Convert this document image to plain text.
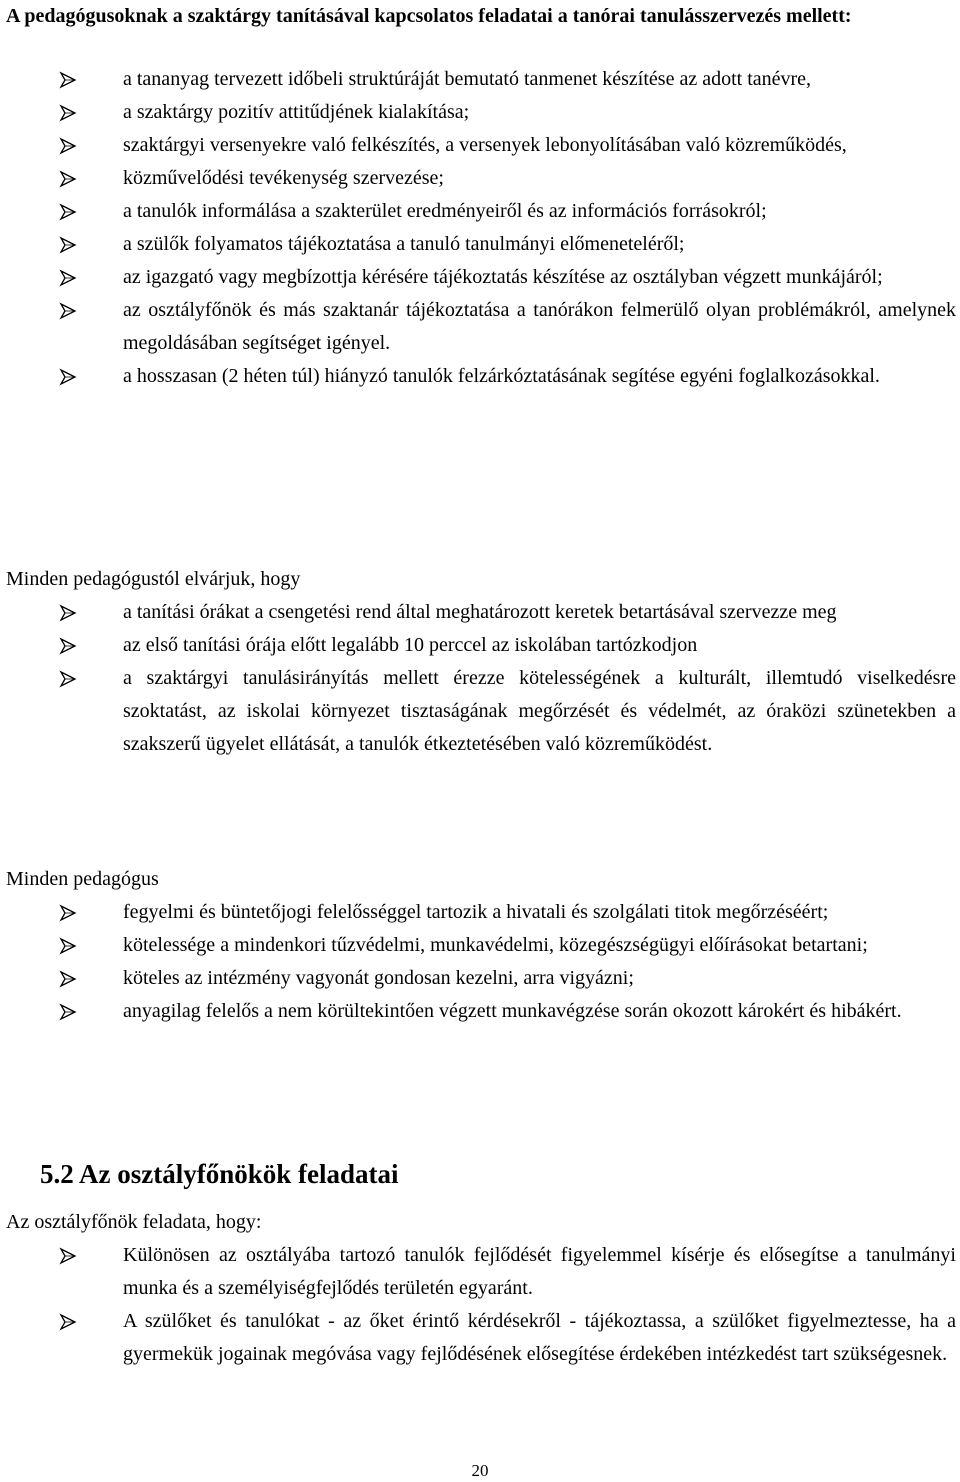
A pedagógusoknak a szaktárgy tanításával kapcsolatos feladatai a tanórai tanulásszervezés mellett:

a tananyag tervezett időbeli struktúráját bemutató tanmenet készítése az adott tanévre,
a szaktárgy pozitív attitűdjének kialakítása;
szaktárgyi versenyekre való felkészítés, a versenyek lebonyolításában való közreműködés,
közművelődési tevékenység szervezése;
a tanulók informálása a szakterület eredményeiről és az információs forrásokról;
a szülők folyamatos tájékoztatása a tanuló tanulmányi előmeneteléről;
az igazgató vagy megbízottja kérésére tájékoztatás készítése az osztályban végzett munkájáról;
az osztályfőnök és más szaktanár tájékoztatása a tanórákon felmerülő olyan problémákról, amelynek megoldásában segítséget igényel.
a hosszasan (2 héten túl) hiányzó tanulók felzárkóztatásának segítése egyéni foglalkozásokkal.

Minden pedagógustól elvárjuk, hogy

a tanítási órákat a csengetési rend által meghatározott keretek betartásával szervezze meg
az első tanítási órája előtt legalább 10 perccel az iskolában tartózkodjon
a szaktárgyi tanulásirányítás mellett érezze kötelességének a kulturált, illemtudó viselkedésre szoktatást, az iskolai környezet tisztaságának megőrzését és védelmét, az óraközi szünetekben a szakszerű ügyelet ellátását, a tanulók étkeztetésében való közreműködést.

Minden pedagógus

fegyelmi és büntetőjogi felelősséggel tartozik a hivatali és szolgálati titok megőrzéséért;
kötelessége a mindenkori tűzvédelmi, munkavédelmi, közegészségügyi előírásokat betartani;
köteles az intézmény vagyonát gondosan kezelni, arra vigyázni;
anyagilag felelős a nem körültekintően végzett munkavégzése során okozott károkért és hibákért.
5.2 Az osztályfőnökök feladatai

Az osztályfőnök feladata, hogy:

Különösen az osztályába tartozó tanulók fejlődését figyelemmel kísérje és elősegítse a tanulmányi munka és a személyiségfejlődés területén egyaránt.
A szülőket és tanulókat - az őket érintő kérdésekről - tájékoztassa, a szülőket figyelmeztesse, ha a gyermekük jogainak megóvása vagy fejlődésének elősegítése érdekében intézkedést tart szükségesnek.
20
